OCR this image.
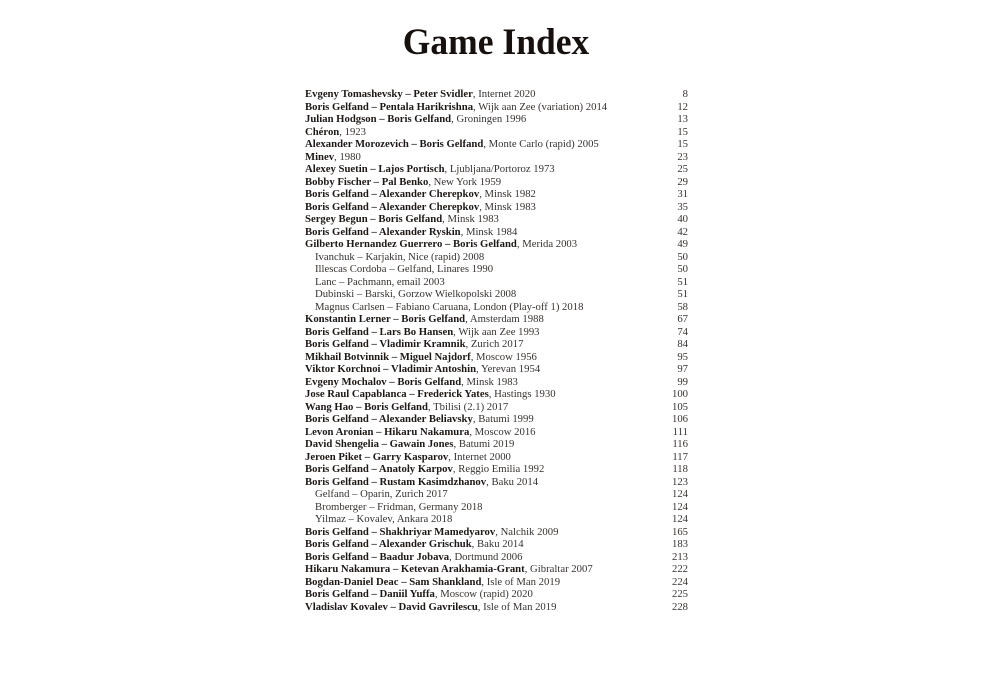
Game Index
Evgeny Tomashevsky – Peter Svidler, Internet 2020	8
Boris Gelfand – Pentala Harikrishna, Wijk aan Zee (variation) 2014	12
Julian Hodgson – Boris Gelfand, Groningen 1996	13
Chéron, 1923	15
Alexander Morozevich – Boris Gelfand, Monte Carlo (rapid) 2005	15
Minev, 1980	23
Alexey Suetin – Lajos Portisch, Ljubljana/Portoroz 1973	25
Bobby Fischer – Pal Benko, New York 1959	29
Boris Gelfand – Alexander Cherepkov, Minsk 1982	31
Boris Gelfand – Alexander Cherepkov, Minsk 1983	35
Sergey Begun – Boris Gelfand, Minsk 1983	40
Boris Gelfand – Alexander Ryskin, Minsk 1984	42
Gilberto Hernandez Guerrero – Boris Gelfand, Merida 2003	49
Ivanchuk – Karjakin, Nice (rapid) 2008	50
Illescas Cordoba – Gelfand, Linares 1990	50
Lanc – Pachmann, email 2003	51
Dubinski – Barski, Gorzow Wielkopolski 2008	51
Magnus Carlsen – Fabiano Caruana, London (Play-off 1) 2018	58
Konstantin Lerner – Boris Gelfand, Amsterdam 1988	67
Boris Gelfand – Lars Bo Hansen, Wijk aan Zee 1993	74
Boris Gelfand – Vladimir Kramnik, Zurich 2017	84
Mikhail Botvinnik – Miguel Najdorf, Moscow 1956	95
Viktor Korchnoi – Vladimir Antoshin, Yerevan 1954	97
Evgeny Mochalov – Boris Gelfand, Minsk 1983	99
Jose Raul Capablanca – Frederick Yates, Hastings 1930	100
Wang Hao – Boris Gelfand, Tbilisi (2.1) 2017	105
Boris Gelfand – Alexander Beliavsky, Batumi 1999	106
Levon Aronian – Hikaru Nakamura, Moscow 2016	111
David Shengelia – Gawain Jones, Batumi 2019	116
Jeroen Piket – Garry Kasparov, Internet 2000	117
Boris Gelfand – Anatoly Karpov, Reggio Emilia 1992	118
Boris Gelfand – Rustam Kasimdzhanov, Baku 2014	123
Gelfand – Oparin, Zurich 2017	124
Bromberger – Fridman, Germany 2018	124
Yilmaz – Kovalev, Ankara 2018	124
Boris Gelfand – Shakhriyar Mamedyarov, Nalchik 2009	165
Boris Gelfand – Alexander Grischuk, Baku 2014	183
Boris Gelfand – Baadur Jobava, Dortmund 2006	213
Hikaru Nakamura – Ketevan Arakhamia-Grant, Gibraltar 2007	222
Bogdan-Daniel Deac – Sam Shankland, Isle of Man 2019	224
Boris Gelfand – Daniil Yuffa, Moscow (rapid) 2020	225
Vladislav Kovalev – David Gavrilescu, Isle of Man 2019	228
